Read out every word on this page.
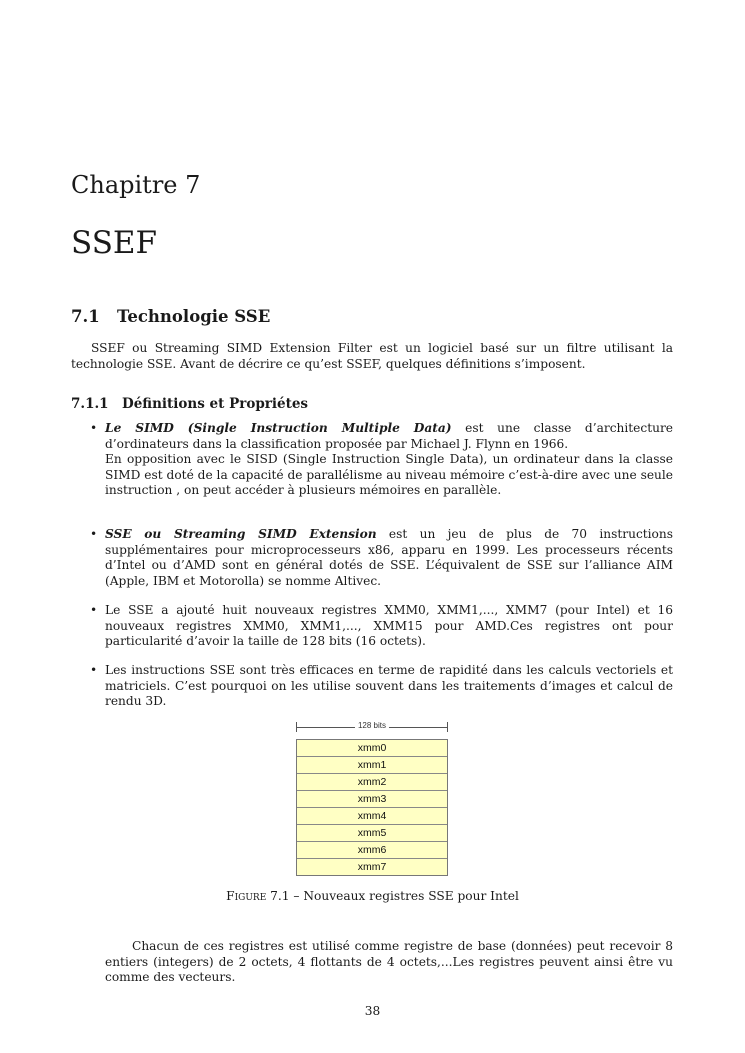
Chapitre 7
SSEF
7.1 Technologie SSE
SSEF ou Streaming SIMD Extension Filter est un logiciel basé sur un filtre utilisant la technologie SSE. Avant de décrire ce qu’est SSEF, quelques définitions s’imposent.
7.1.1 Définitions et Propriétes
• Le SIMD (Single Instruction Multiple Data) est une classe d’architecture d’ordinateurs dans la classification proposée par Michael J. Flynn en 1966.
En opposition avec le SISD (Single Instruction Single Data), un ordinateur dans la classe SIMD est doté de la capacité de parallélisme au niveau mémoire c’est-à-dire avec une seule instruction , on peut accéder à plusieurs mémoires en parallèle.
• SSE ou Streaming SIMD Extension est un jeu de plus de 70 instructions supplémentaires pour microprocesseurs x86, apparu en 1999. Les processeurs récents d’Intel ou d’AMD sont en général dotés de SSE. L’équivalent de SSE sur l’alliance AIM (Apple, IBM et Motorolla) se nomme Altivec.
• Le SSE a ajouté huit nouveaux registres XMM0, XMM1,..., XMM7 (pour Intel) et 16 nouveaux registres XMM0, XMM1,..., XMM15 pour AMD.Ces registres ont pour particularité d’avoir la taille de 128 bits (16 octets).
• Les instructions SSE sont très efficaces en terme de rapidité dans les calculs vectoriels et matriciels. C’est pourquoi on les utilise souvent dans les traitements d’images et calcul de rendu 3D.
128 bits
xmm0
xmm1
xmm2
xmm3
xmm4
xmm5
xmm6
xmm7
Figure 7.1 – Nouveaux registres SSE pour Intel
Chacun de ces registres est utilisé comme registre de base (données) peut recevoir 8 entiers (integers) de 2 octets, 4 flottants de 4 octets,...Les registres peuvent ainsi être vu comme des vecteurs.
38
